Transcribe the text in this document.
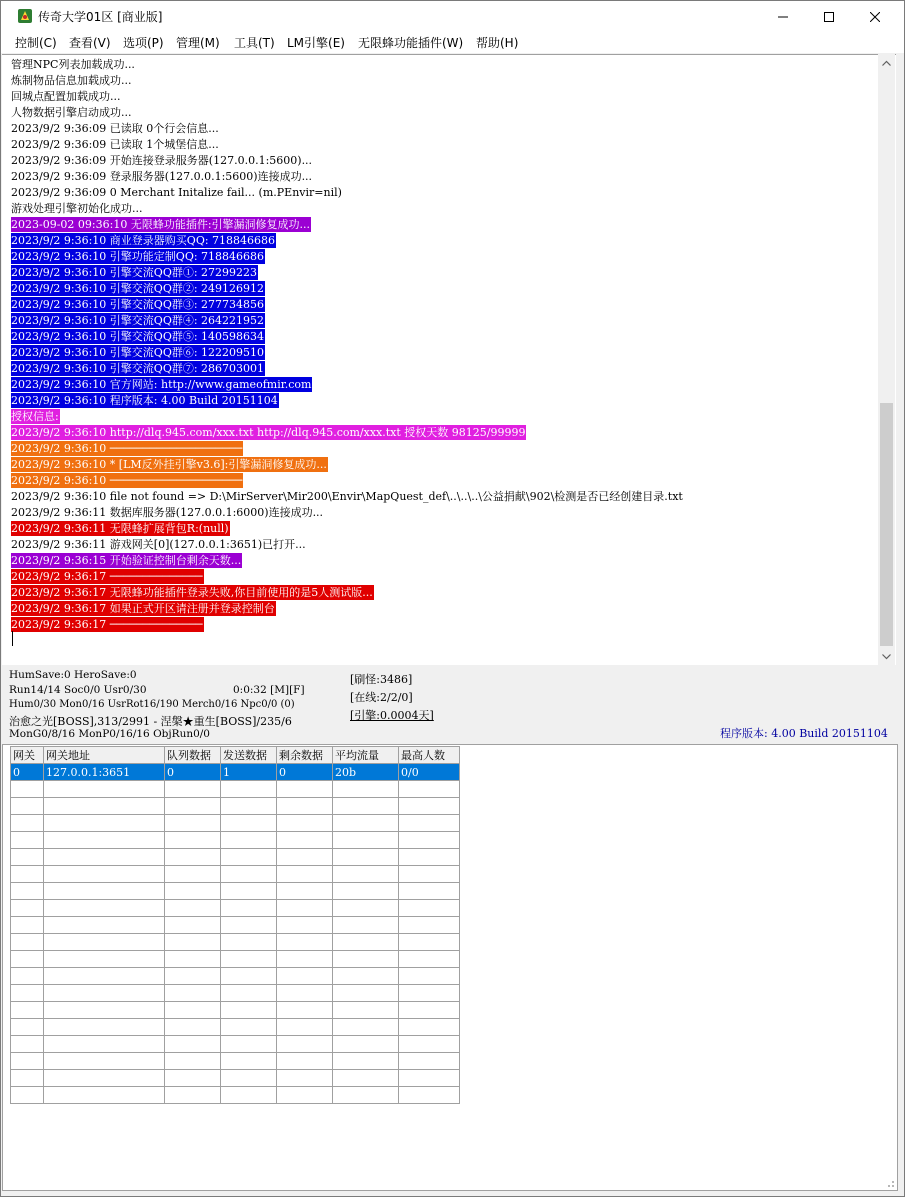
传奇大学01区 [商业版]
控制(C) 查看(V) 选项(P) 管理(M) 工具(T) LM引擎(E) 无限蜂功能插件(W) 帮助(H)
管理NPC列表加载成功...
炼制物品信息加载成功...
回城点配置加载成功...
人物数据引擎启动成功...
2023/9/2 9:36:09 已读取 0个行会信息...
2023/9/2 9:36:09 已读取 1个城堡信息...
2023/9/2 9:36:09 开始连接登录服务器(127.0.0.1:5600)...
2023/9/2 9:36:09 登录服务器(127.0.0.1:5600)连接成功...
2023/9/2 9:36:09 0 Merchant Initalize fail... (m.PEnvir=nil)
游戏处理引擎初始化成功...
2023-09-02 09:36:10 无限蜂功能插件:引擎漏洞修复成功...
2023/9/2 9:36:10 商业登录器购买QQ: 718846686
2023/9/2 9:36:10 引擎功能定制QQ: 718846686
2023/9/2 9:36:10 引擎交流QQ群①: 27299223
2023/9/2 9:36:10 引擎交流QQ群②: 249126912
2023/9/2 9:36:10 引擎交流QQ群③: 277734856
2023/9/2 9:36:10 引擎交流QQ群④: 264221952
2023/9/2 9:36:10 引擎交流QQ群⑤: 140598634
2023/9/2 9:36:10 引擎交流QQ群⑥: 122209510
2023/9/2 9:36:10 引擎交流QQ群⑦: 286703001
2023/9/2 9:36:10 官方网站: http://www.gameofmir.com
2023/9/2 9:36:10 程序版本: 4.00 Build 20151104
授权信息:
2023/9/2 9:36:10 http://dlq.945.com/xxx.txt http://dlq.945.com/xxx.txt 授权天数 98125/99999
2023/9/2 9:36:10 ────────────────────
2023/9/2 9:36:10 * [LM反外挂引擎v3.6]:引擎漏洞修复成功...
2023/9/2 9:36:10 ────────────────────
2023/9/2 9:36:10 file not found => D:\MirServer\Mir200\Envir\MapQuest_def\..\..\..\公益捐献\902\检测是否已经创建目录.txt
2023/9/2 9:36:11 数据库服务器(127.0.0.1:6000)连接成功...
2023/9/2 9:36:11 无限蜂扩展背包R:(null)
2023/9/2 9:36:11 游戏网关[0](127.0.0.1:3651)已打开...
2023/9/2 9:36:15 开始验证控制台剩余天数...
2023/9/2 9:36:17 ──────────────
2023/9/2 9:36:17 无限蜂功能插件登录失败,你目前使用的是5人测试版...
2023/9/2 9:36:17 如果正式开区请注册并登录控制台
2023/9/2 9:36:17 ──────────────
HumSave:0 HeroSave:0
Run14/14 Soc0/0 Usr0/30	0:0:32 [M][F]
Hum0/30 Mon0/16 UsrRot16/190 Merch0/16 Npc0/0 (0)
治愈之光[BOSS],313/2991 - 涅槃★重生[BOSS]/235/6
MonG0/8/16 MonP0/16/16 ObjRun0/0
[刷怪:3486]
[在线:2/2/0]
[引擎:0.0004天]
程序版本: 4.00 Build 20151104
网关	网关地址	队列数据	发送数据	剩余数据	平均流量	最高人数
0	127.0.0.1:3651	0	1	0	20b	0/0
